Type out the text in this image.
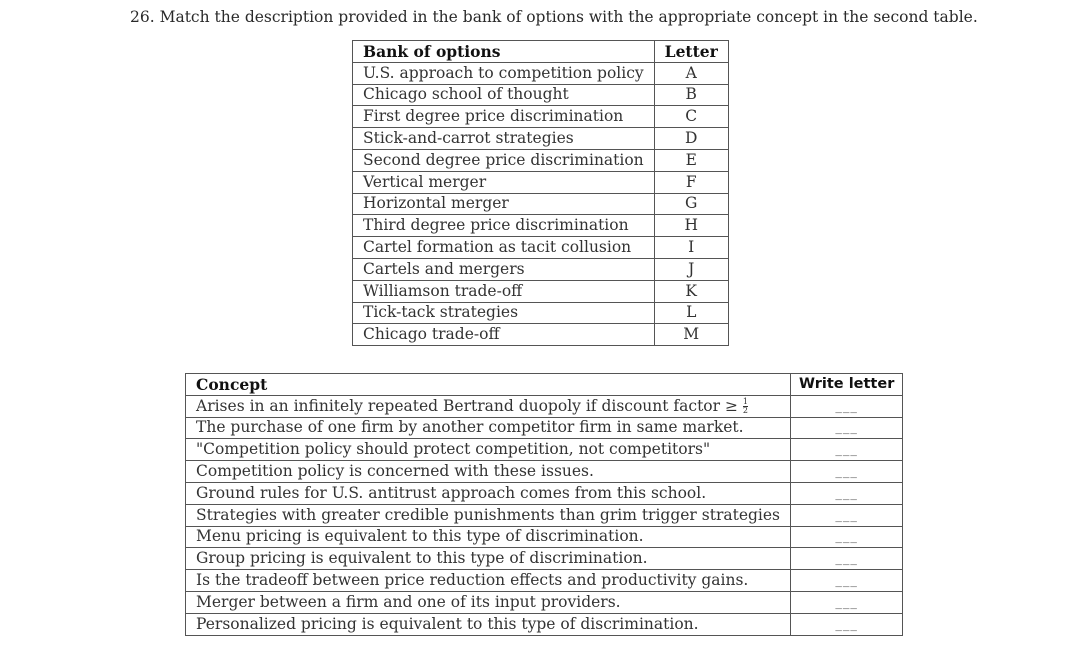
26. Match the description provided in the bank of options with the appropriate concept in the second table.
Bank of options	Letter
U.S. approach to competition policy	A
Chicago school of thought	B
First degree price discrimination	C
Stick-and-carrot strategies	D
Second degree price discrimination	E
Vertical merger	F
Horizontal merger	G
Third degree price discrimination	H
Cartel formation as tacit collusion	I
Cartels and mergers	J
Williamson trade-off	K
Tick-tack strategies	L
Chicago trade-off	M
Concept	Write letter
Arises in an infinitely repeated Bertrand duopoly if discount factor ≥ $\frac{1}{2}$	___
The purchase of one firm by another competitor firm in same market.	___
"Competition policy should protect competition, not competitors"	___
Competition policy is concerned with these issues.	___
Ground rules for U.S. antitrust approach comes from this school.	___
Strategies with greater credible punishments than grim trigger strategies	___
Menu pricing is equivalent to this type of discrimination.	___
Group pricing is equivalent to this type of discrimination.	___
Is the tradeoff between price reduction effects and productivity gains.	___
Merger between a firm and one of its input providers.	___
Personalized pricing is equivalent to this type of discrimination.	___
